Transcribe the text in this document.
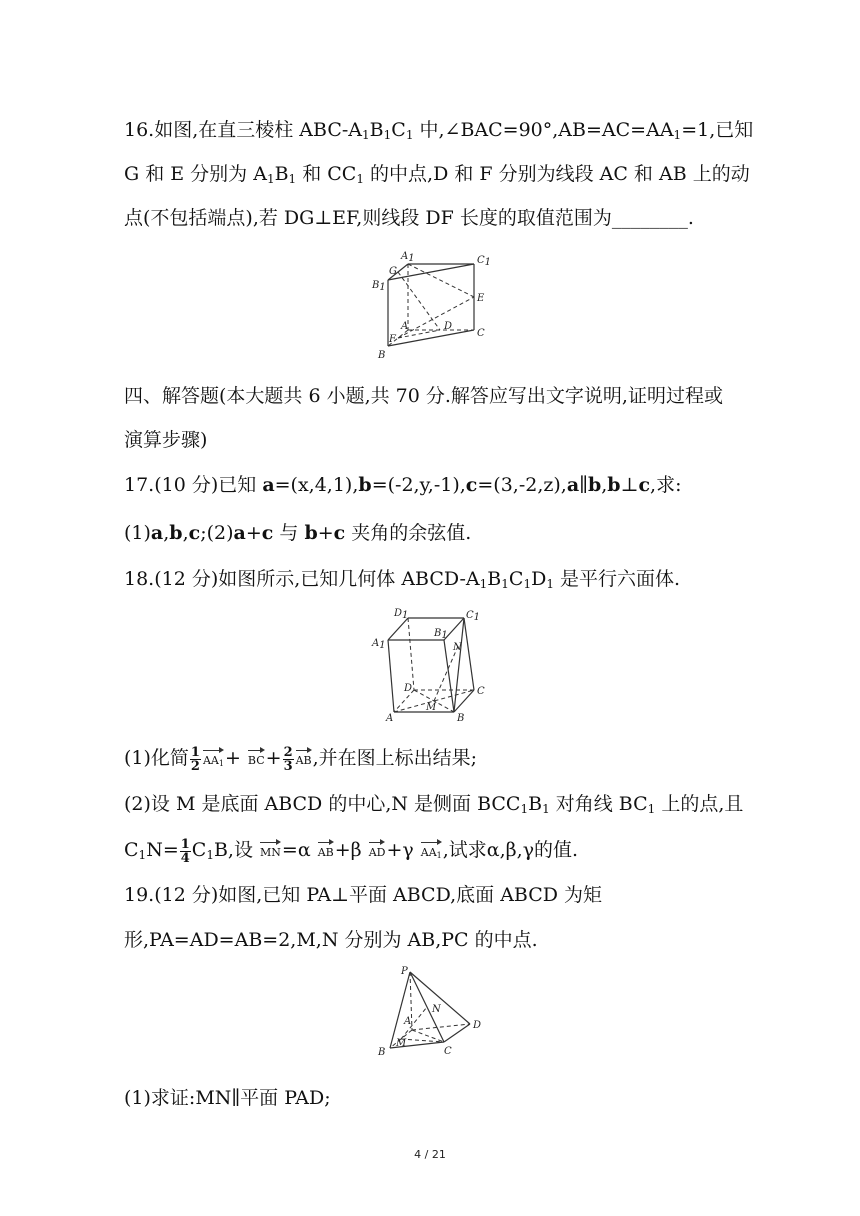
16.如图,在直三棱柱 ABC-$A_1B_1C_1$ 中$,\angle BAC=90^\circ,AB=AC=AA_1=1$,已知
G 和 E 分别为 $A_1B_1$ 和 $CC_1$ 的中点,D 和 F 分别为线段 AC 和 AB 上的动
点(不包括端点),若 DG⊥EF,则线段 DF 长度的取值范围为________.
A1	C1
G
B1
E
A	D
F
C
B
四、解答题(本大题共 6 小题,共 70 分.解答应写出文字说明,证明过程或
演算步骤)
17.(10 分)已知 a=(x,4,1),b=(-2,y,-1),c=(3,-2,z),a∥b,b⊥c,求:
(1)a,b,c;(2)a+c 与 b+c 夹角的余弦值.
18.(12 分)如图所示,已知几何体 ABCD-$A_1B_1C_1D_1$ 是平行六面体.
D1	C1
A1
B1
N
D	C
M
A	B
(1)化简 $\frac{1}{2} AA_1+ BC+ \frac{2}{3}$ AB,并在图上标出结果;
(2)设 M 是底面 ABCD 的中心,N 是侧面 $BCC_1B_1$ 对角线 $BC_1$ 上的点,且
$C_1N= \frac{1}{4} C_1B$,设
MN=α
AB+β
AD+γ
$AA_1$,试求α,β,γ的值.
19.(12 分)如图,已知 PA⊥平面 ABCD,底面 ABCD 为矩
形,PA=AD=AB=2,M,N 分别为 AB,PC 的中点.
P
N
D
A
M
B	C
(1)求证:MN∥平面 PAD;
4 / 21
